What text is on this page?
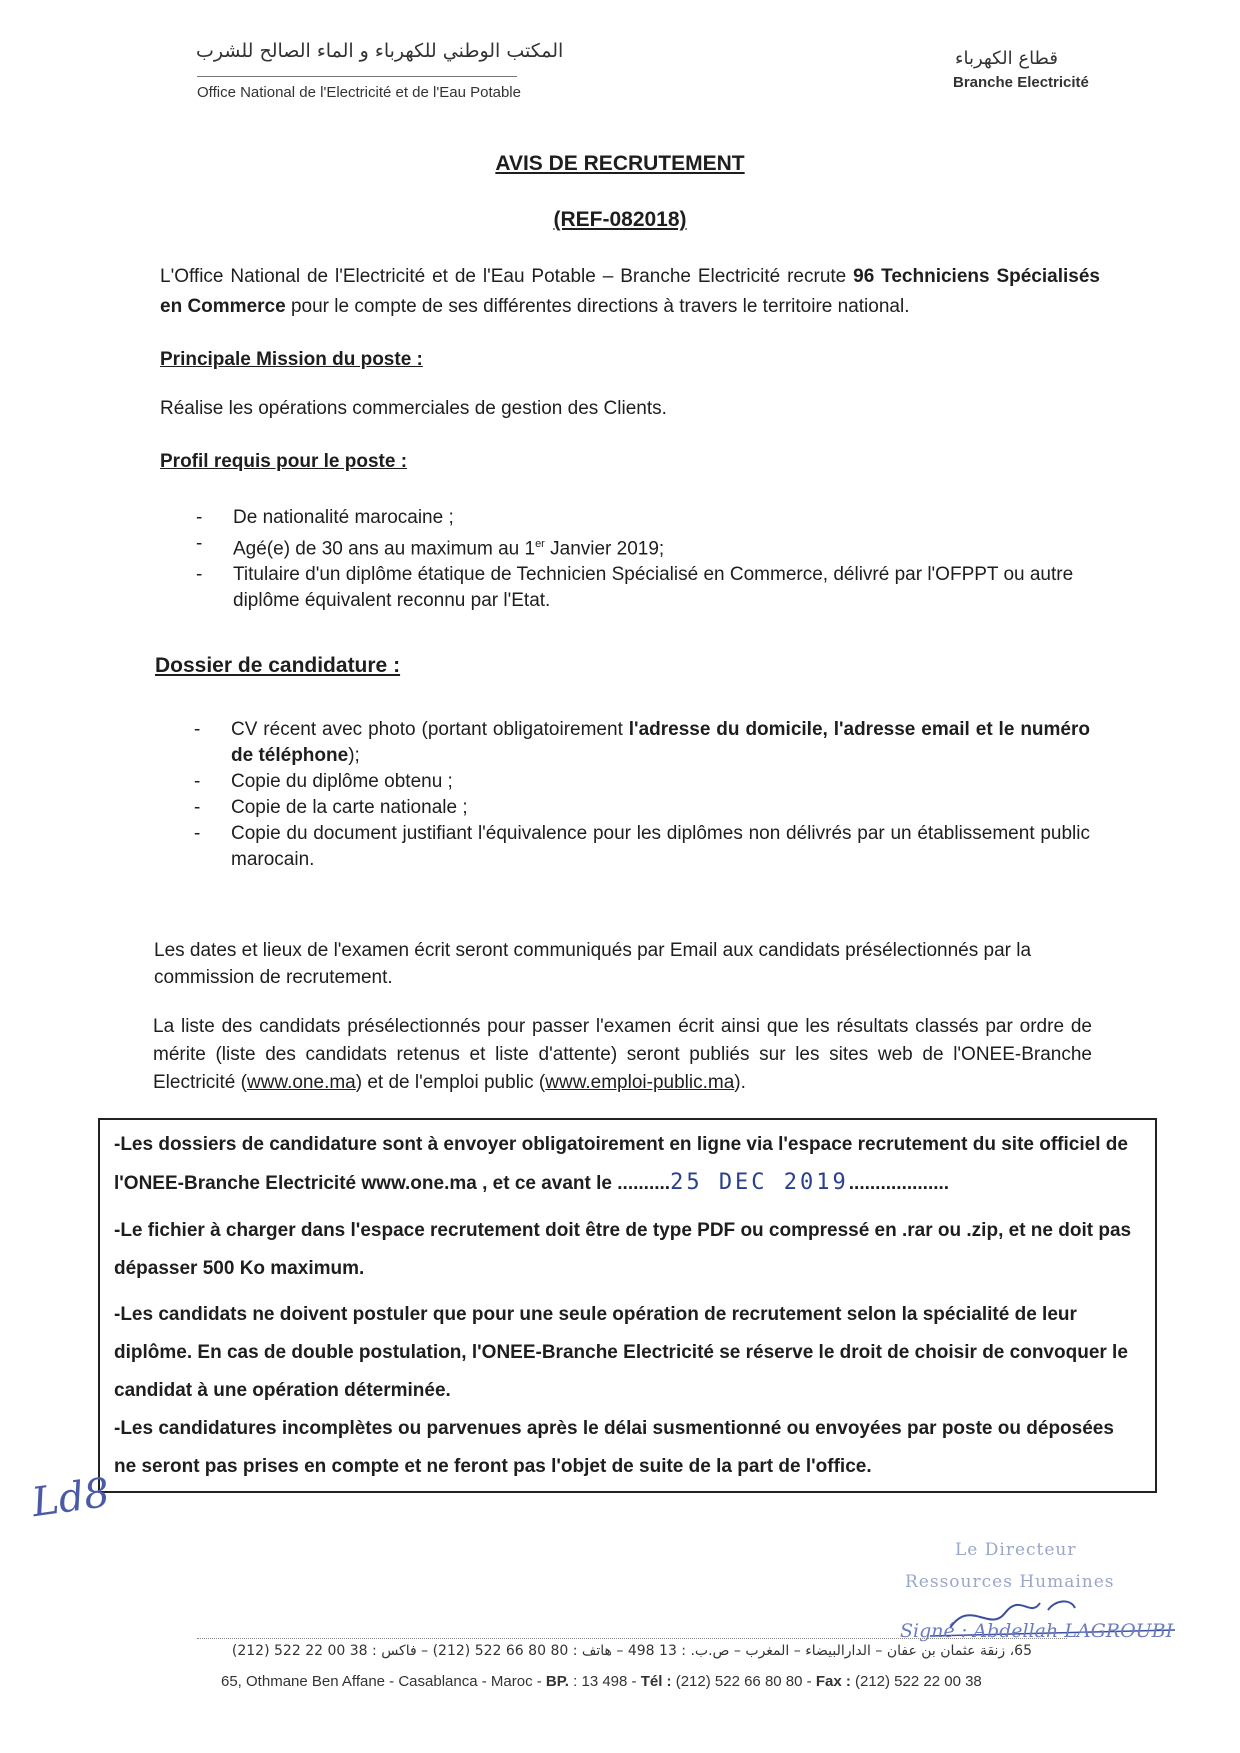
المكتب الوطني للكهرباء و الماء الصالح للشرب
Office National de l'Electricité et de l'Eau Potable
قطاع الكهرباء
Branche Electricité
AVIS DE RECRUTEMENT
(REF-082018)
L'Office National de l'Electricité et de l'Eau Potable – Branche Electricité recrute 96 Techniciens Spécialisés en Commerce pour le compte de ses différentes directions à travers le territoire national.
Principale Mission du poste :
Réalise les opérations commerciales de gestion des Clients.
Profil requis pour le poste :
- De nationalité marocaine ;
- Agé(e) de 30 ans au maximum au 1er Janvier 2019;
- Titulaire d'un diplôme étatique de Technicien Spécialisé en Commerce, délivré par l'OFPPT ou autre diplôme équivalent reconnu par l'Etat.
Dossier de candidature :
- CV récent avec photo (portant obligatoirement l'adresse du domicile, l'adresse email et le numéro de téléphone);
- Copie du diplôme obtenu ;
- Copie de la carte nationale ;
- Copie du document justifiant l'équivalence pour les diplômes non délivrés par un établissement public marocain.
Les dates et lieux de l'examen écrit seront communiqués par Email aux candidats présélectionnés par la commission de recrutement.
La liste des candidats présélectionnés pour passer l'examen écrit ainsi que les résultats classés par ordre de mérite (liste des candidats retenus et liste d'attente) seront publiés sur les sites web de l'ONEE-Branche Electricité (www.one.ma) et de l'emploi public (www.emploi-public.ma).

-Les dossiers de candidature sont à envoyer obligatoirement en ligne via l'espace recrutement du site officiel de l'ONEE-Branche Electricité www.one.ma , et ce avant le ..........25 DEC 2019...................

-Le fichier à charger dans l'espace recrutement doit être de type PDF ou compressé en .rar ou .zip, et ne doit pas dépasser 500 Ko maximum.

-Les candidats ne doivent postuler que pour une seule opération de recrutement selon la spécialité de leur diplôme. En cas de double postulation, l'ONEE-Branche Electricité se réserve le droit de choisir de convoquer le candidat à une opération déterminée.

-Les candidatures incomplètes ou parvenues après le délai susmentionné ou envoyées par poste ou déposées ne seront pas prises en compte et ne feront pas l'objet de suite de la part de l'office.

Ld8
Le Directeur
Ressources Humaines
Signé : Abdellah LAGROUBI
65، زنقة عثمان بن عفان – الدارالبيضاء – المغرب – ص.ب. : 13 498 – هاتف : 80 80 66 522 (212) – فاكس : 38 00 22 522 (212)
65, Othmane Ben Affane - Casablanca - Maroc - BP. : 13 498 - Tél : (212) 522 66 80 80 - Fax : (212) 522 22 00 38
